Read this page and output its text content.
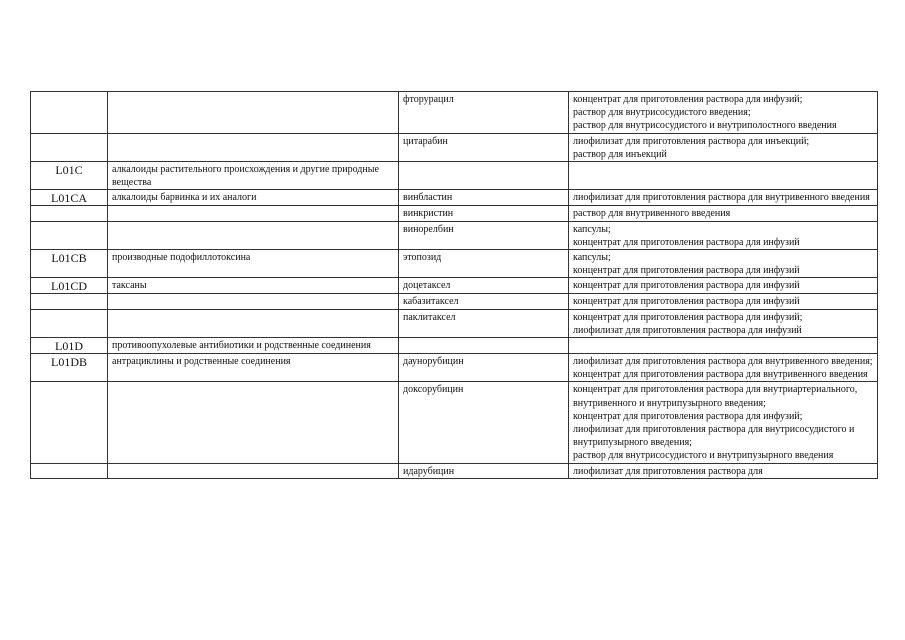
		фторурацил	концентрат для приготовления раствора для инфузий;
раствор для внутрисосудистого введения;
раствор для внутрисосудистого и внутриполостного введения

		цитарабин	лиофилизат для приготовления раствора для инъекций;
раствор для инъекций

L01C	алкалоиды растительного происхождения и другие природные вещества		
L01CA	алкалоиды барвинка и их аналоги	винбластин	лиофилизат для приготовления раствора для внутривенного введения

		винкристин	раствор для внутривенного введения

		винорелбин	капсулы;
концентрат для приготовления раствора для инфузий

L01CB	производные подофиллотоксина	этопозид	капсулы;
концентрат для приготовления раствора для инфузий

L01CD	таксаны	доцетаксел	концентрат для приготовления раствора для инфузий

		кабазитаксел	концентрат для приготовления раствора для инфузий

		паклитаксел	концентрат для приготовления раствора для инфузий;
лиофилизат для приготовления раствора для инфузий

L01D	противоопухолевые антибиотики и родственные соединения		
L01DB	антрациклины и родственные соединения	даунорубицин	лиофилизат для приготовления раствора для внутривенного введения;
концентрат для приготовления раствора для внутривенного введения

		доксорубицин	концентрат для приготовления раствора для внутриартериального, внутривенного и внутрипузырного введения;
концентрат для приготовления раствора для инфузий;
лиофилизат для приготовления раствора для внутрисосудистого и внутрипузырного введения;
раствор для внутрисосудистого и внутрипузырного введения

		идарубицин	лиофилизат для приготовления раствора для
